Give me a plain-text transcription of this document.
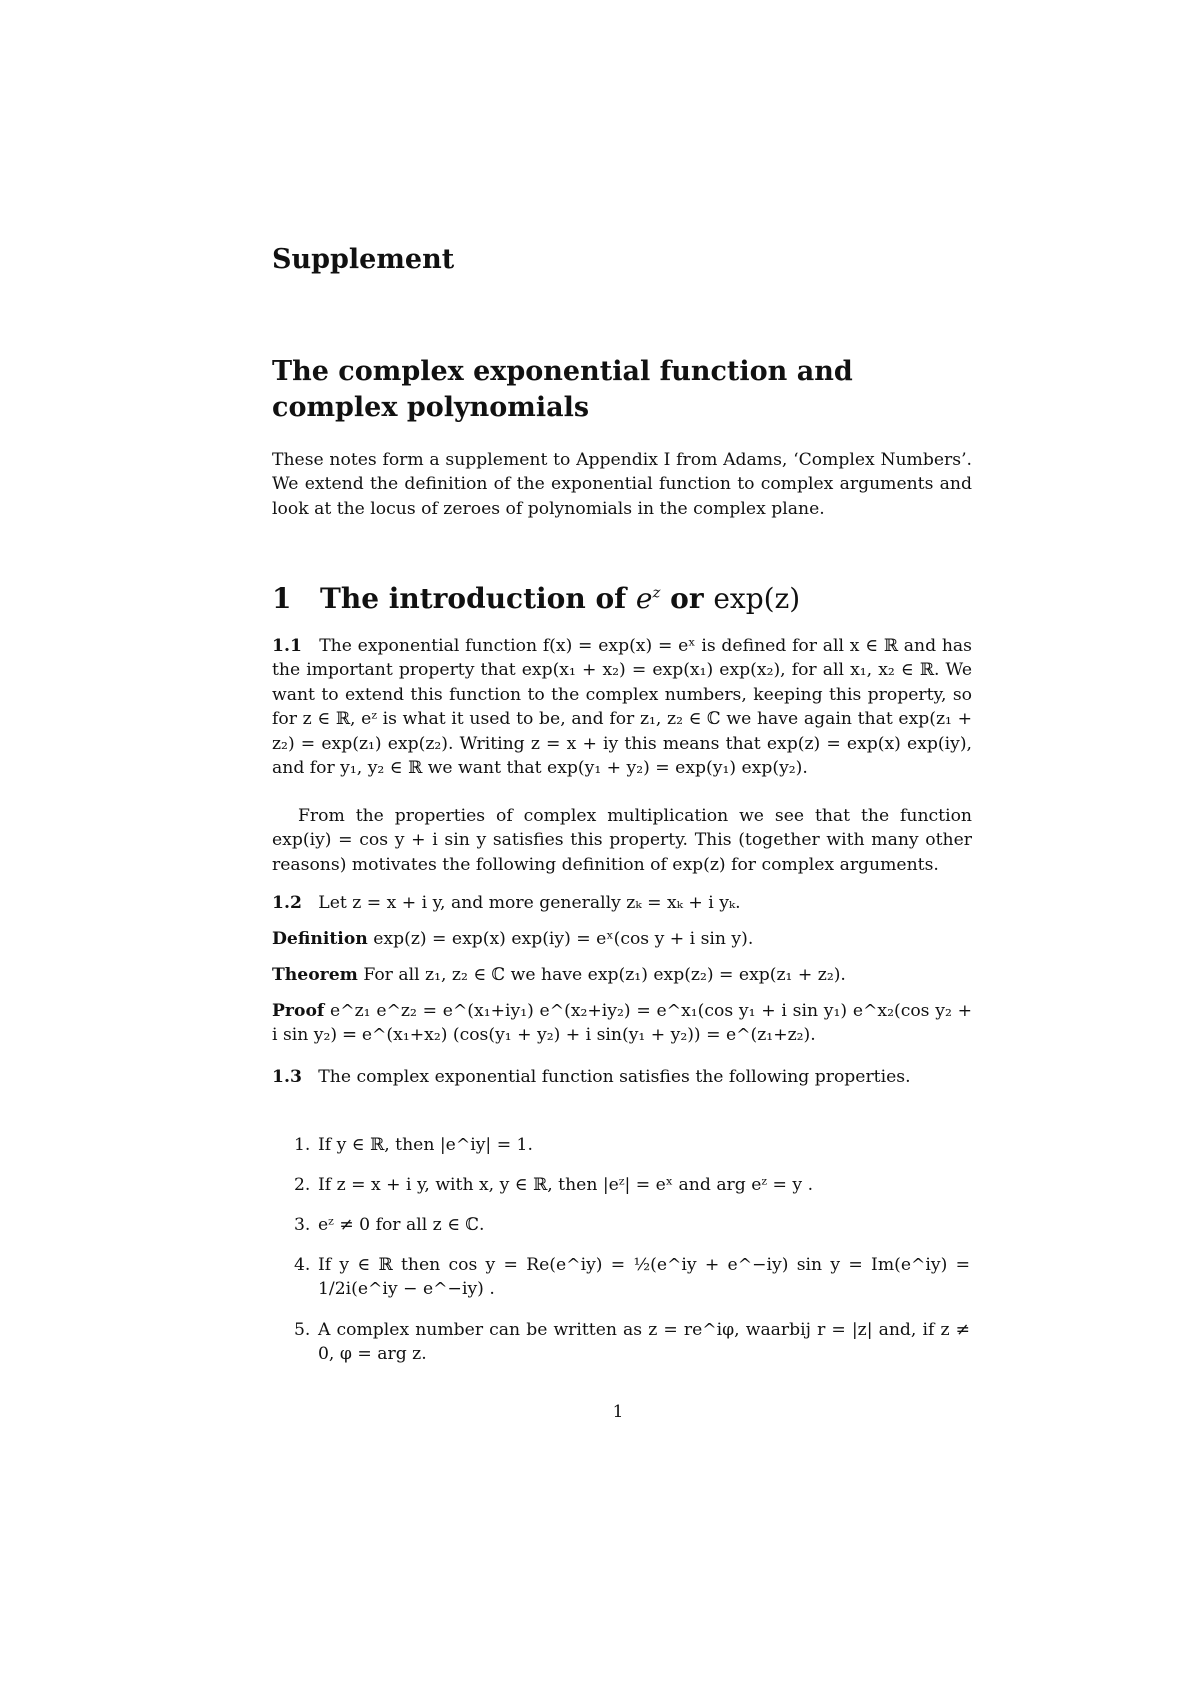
Supplement
The complex exponential function and complex polynomials
These notes form a supplement to Appendix I from Adams, ‘Complex Numbers’. We extend the definition of the exponential function to complex arguments and look at the locus of zeroes of polynomials in the complex plane.
1 The introduction of $e^z$ or exp(z)
1.1 The exponential function f(x) = exp(x) = eˣ is defined for all x ∈ ℝ and has the important property that exp(x₁ + x₂) = exp(x₁) exp(x₂), for all x₁, x₂ ∈ ℝ. We want to extend this function to the complex numbers, keeping this property, so for z ∈ ℝ, eᶻ is what it used to be, and for z₁, z₂ ∈ ℂ we have again that exp(z₁ + z₂) = exp(z₁) exp(z₂). Writing z = x + iy this means that exp(z) = exp(x) exp(iy), and for y₁, y₂ ∈ ℝ we want that exp(y₁ + y₂) = exp(y₁) exp(y₂).
From the properties of complex multiplication we see that the function exp(iy) = cos y + i sin y satisfies this property. This (together with many other reasons) motivates the following definition of exp(z) for complex arguments.
1.2 Let z = x + i y, and more generally zₖ = xₖ + i yₖ.
Definition exp(z) = exp(x) exp(iy) = eˣ(cos y + i sin y).
Theorem For all z₁, z₂ ∈ ℂ we have exp(z₁) exp(z₂) = exp(z₁ + z₂).
Proof e^z₁ e^z₂ = e^(x₁+iy₁) e^(x₂+iy₂) = e^x₁(cos y₁ + i sin y₁) e^x₂(cos y₂ + i sin y₂) =
= e^(x₁+x₂) (cos(y₁ + y₂) + i sin(y₁ + y₂)) = e^(z₁+z₂).
1.3 The complex exponential function satisfies the following properties.
1. If y ∈ ℝ, then |e^iy| = 1.
2. If z = x + i y, with x, y ∈ ℝ, then |eᶻ| = eˣ and arg eᶻ = y .
3. eᶻ ≠ 0 for all z ∈ ℂ.
4. If y ∈ ℝ then cos y = Re(e^iy) = ½(e^iy + e^−iy) sin y = Im(e^iy) = 1/2i(e^iy − e^−iy) .
5. A complex number can be written as z = re^iφ, waarbij r = |z| and, if z ≠ 0, φ = arg z.
1
